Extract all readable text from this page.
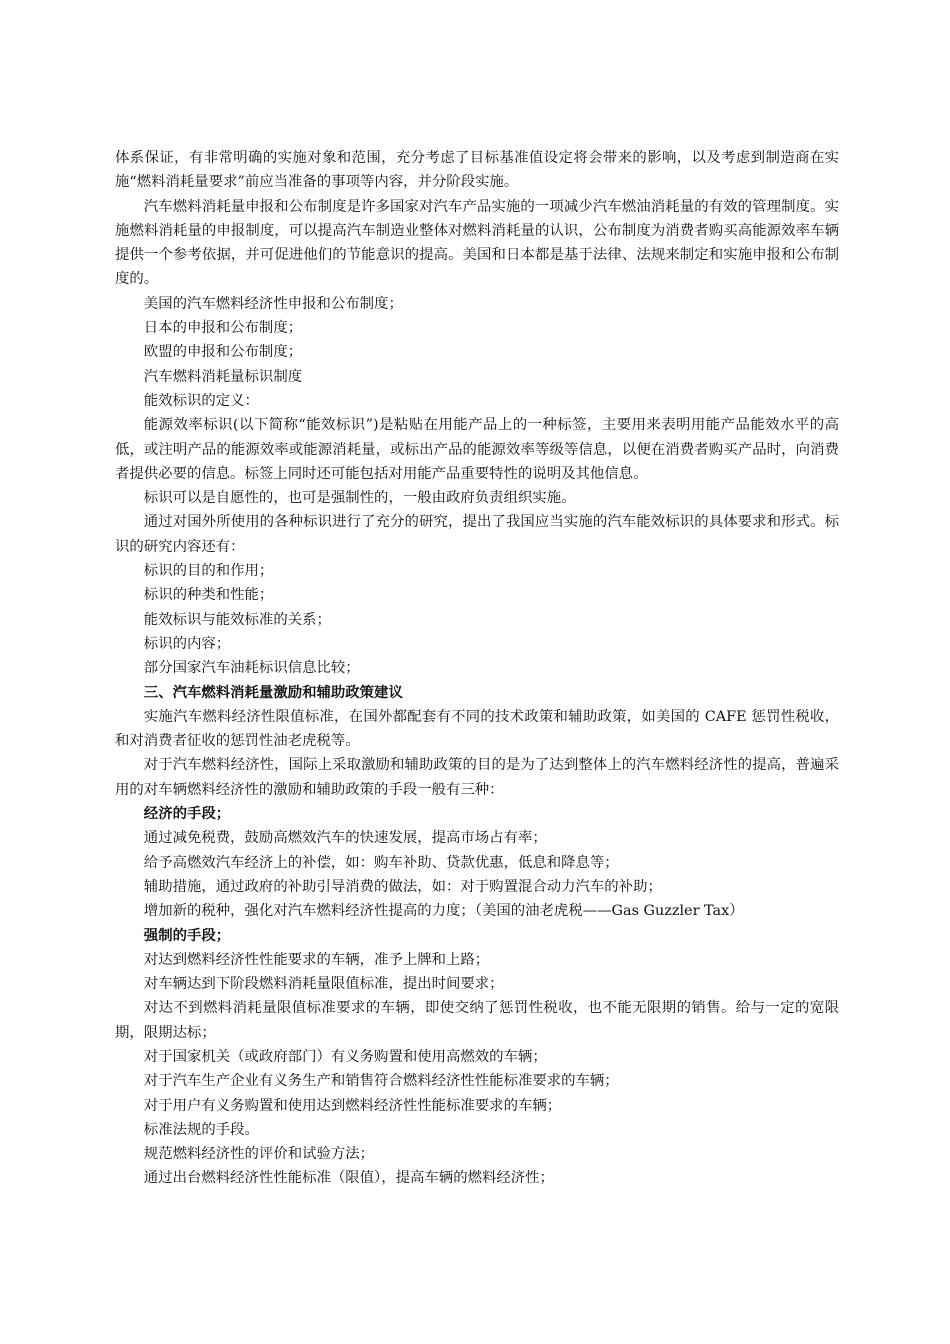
体系保证，有非常明确的实施对象和范围，充分考虑了目标基准值设定将会带来的影响，以及考虑到制造商在实施“燃料消耗量要求”前应当准备的事项等内容，并分阶段实施。

汽车燃料消耗量申报和公布制度是许多国家对汽车产品实施的一项减少汽车燃油消耗量的有效的管理制度。实施燃料消耗量的申报制度，可以提高汽车制造业整体对燃料消耗量的认识，公布制度为消费者购买高能源效率车辆提供一个参考依据，并可促进他们的节能意识的提高。美国和日本都是基于法律、法规来制定和实施申报和公布制度的。

美国的汽车燃料经济性申报和公布制度；

日本的申报和公布制度；

欧盟的申报和公布制度；

汽车燃料消耗量标识制度

能效标识的定义：

能源效率标识(以下简称“能效标识”)是粘贴在用能产品上的一种标签，主要用来表明用能产品能效水平的高低，或注明产品的能源效率或能源消耗量，或标出产品的能源效率等级等信息，以便在消费者购买产品时，向消费者提供必要的信息。标签上同时还可能包括对用能产品重要特性的说明及其他信息。

标识可以是自愿性的，也可是强制性的，一般由政府负责组织实施。

通过对国外所使用的各种标识进行了充分的研究，提出了我国应当实施的汽车能效标识的具体要求和形式。标识的研究内容还有：

标识的目的和作用；

标识的种类和性能；

能效标识与能效标准的关系；

标识的内容；

部分国家汽车油耗标识信息比较；

三、汽车燃料消耗量激励和辅助政策建议

实施汽车燃料经济性限值标准，在国外都配套有不同的技术政策和辅助政策，如美国的 CAFE 惩罚性税收，和对消费者征收的惩罚性油老虎税等。

对于汽车燃料经济性，国际上采取激励和辅助政策的目的是为了达到整体上的汽车燃料经济性的提高，普遍采用的对车辆燃料经济性的激励和辅助政策的手段一般有三种：

经济的手段；

通过减免税费，鼓励高燃效汽车的快速发展，提高市场占有率；

给予高燃效汽车经济上的补偿，如：购车补助、贷款优惠，低息和降息等；

辅助措施，通过政府的补助引导消费的做法，如：对于购置混合动力汽车的补助；

增加新的税种，强化对汽车燃料经济性提高的力度；（美国的油老虎税——Gas Guzzler Tax）

强制的手段；

对达到燃料经济性性能要求的车辆，准予上牌和上路；

对车辆达到下阶段燃料消耗量限值标准，提出时间要求；

对达不到燃料消耗量限值标准要求的车辆，即使交纳了惩罚性税收，也不能无限期的销售。给与一定的宽限期，限期达标；

对于国家机关（或政府部门）有义务购置和使用高燃效的车辆；

对于汽车生产企业有义务生产和销售符合燃料经济性性能标准要求的车辆；

对于用户有义务购置和使用达到燃料经济性性能标准要求的车辆；

标准法规的手段。

规范燃料经济性的评价和试验方法；

通过出台燃料经济性性能标准（限值），提高车辆的燃料经济性；
